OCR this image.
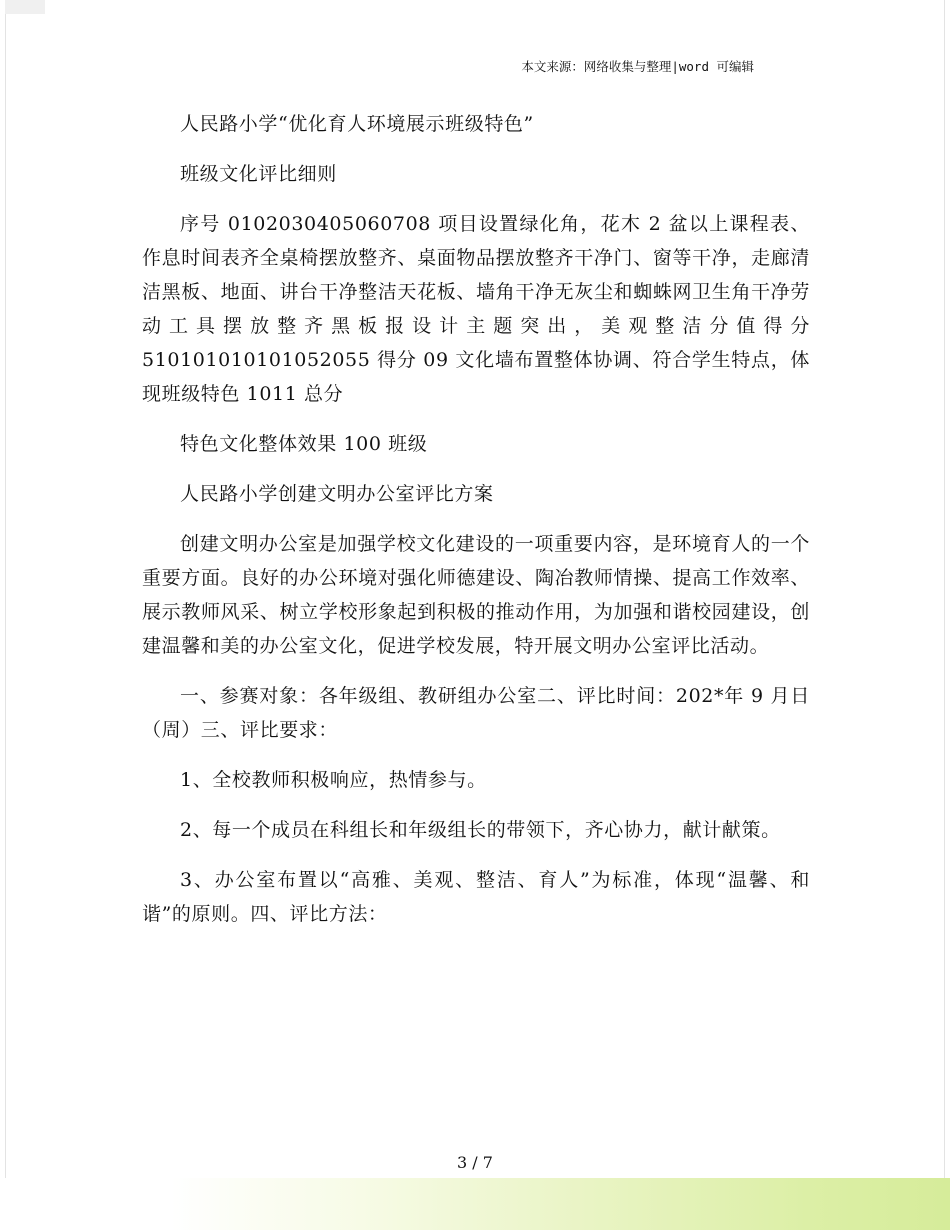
本文来源：网络收集与整理|word 可编辑

人民路小学“优化育人环境展示班级特色”

班级文化评比细则

序号 0102030405060708 项目设置绿化角，花木 2 盆以上课程表、作息时间表齐全桌椅摆放整齐、桌面物品摆放整齐干净门、窗等干净，走廊清洁黑板、地面、讲台干净整洁天花板、墙角干净无灰尘和蜘蛛网卫生角干净劳动工具摆放整齐黑板报设计主题突出，美观整洁分值得分 510101010101052055 得分 09 文化墙布置整体协调、符合学生特点，体现班级特色 1011 总分

特色文化整体效果 100 班级

人民路小学创建文明办公室评比方案

创建文明办公室是加强学校文化建设的一项重要内容，是环境育人的一个重要方面。良好的办公环境对强化师德建设、陶冶教师情操、提高工作效率、展示教师风采、树立学校形象起到积极的推动作用，为加强和谐校园建设，创建温馨和美的办公室文化，促进学校发展，特开展文明办公室评比活动。

一、参赛对象：各年级组、教研组办公室二、评比时间：202*年 9 月日（周）三、评比要求：

1、全校教师积极响应，热情参与。

2、每一个成员在科组长和年级组长的带领下，齐心协力，献计献策。

3、办公室布置以“高雅、美观、整洁、育人”为标准，体现“温馨、和谐”的原则。四、评比方法：

3 / 7
